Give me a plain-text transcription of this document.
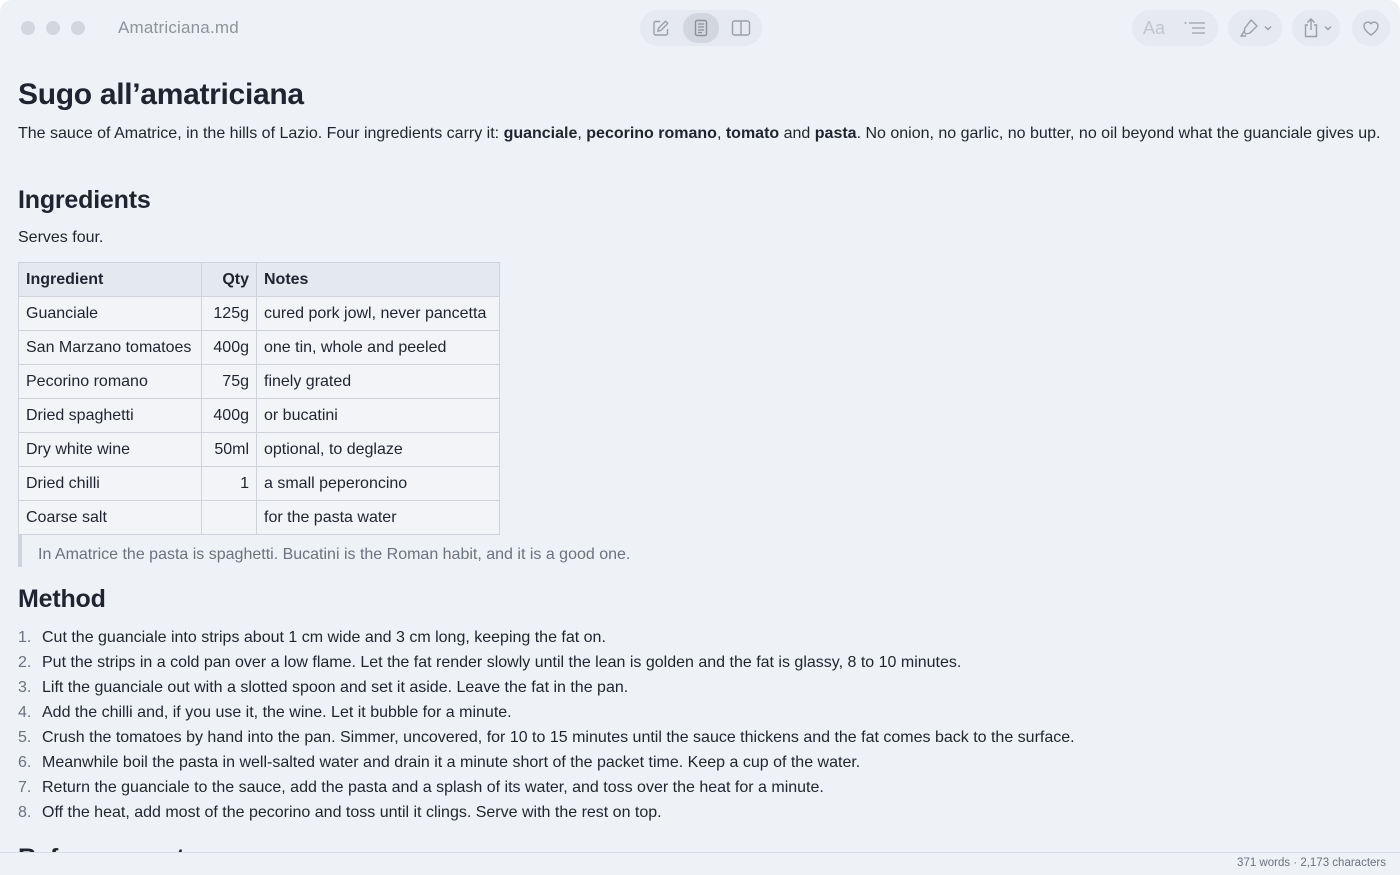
Amatriciana.md	Aa
Sugo all’amatriciana

The sauce of Amatrice, in the hills of Lazio. Four ingredients carry it: guanciale, pecorino romano, tomato and pasta. No onion, no garlic, no butter, no oil beyond what the guanciale gives up.

Ingredients

Serves four.

Ingredient	Qty	Notes
Guanciale	125g	cured pork jowl, never pancetta
San Marzano tomatoes	400g	one tin, whole and peeled
Pecorino romano	75g	finely grated
Dried spaghetti	400g	or bucatini
Dry white wine	50ml	optional, to deglaze
Dried chilli	1	a small peperoncino
Coarse salt		for the pasta water
In Amatrice the pasta is spaghetti. Bucatini is the Roman habit, and it is a good one.
Method
1. Cut the guanciale into strips about 1 cm wide and 3 cm long, keeping the fat on.
2. Put the strips in a cold pan over a low flame. Let the fat render slowly until the lean is golden and the fat is glassy, 8 to 10 minutes.
3. Lift the guanciale out with a slotted spoon and set it aside. Leave the fat in the pan.
4. Add the chilli and, if you use it, the wine. Let it bubble for a minute.
5. Crush the tomatoes by hand into the pan. Simmer, uncovered, for 10 to 15 minutes until the sauce thickens and the fat comes back to the surface.
6. Meanwhile boil the pasta in well-salted water and drain it a minute short of the packet time. Keep a cup of the water.
7. Return the guanciale to the sauce, add the pasta and a splash of its water, and toss over the heat for a minute.
8. Off the heat, add most of the pecorino and toss until it clings. Serve with the rest on top.
371 words · 2,173 characters
